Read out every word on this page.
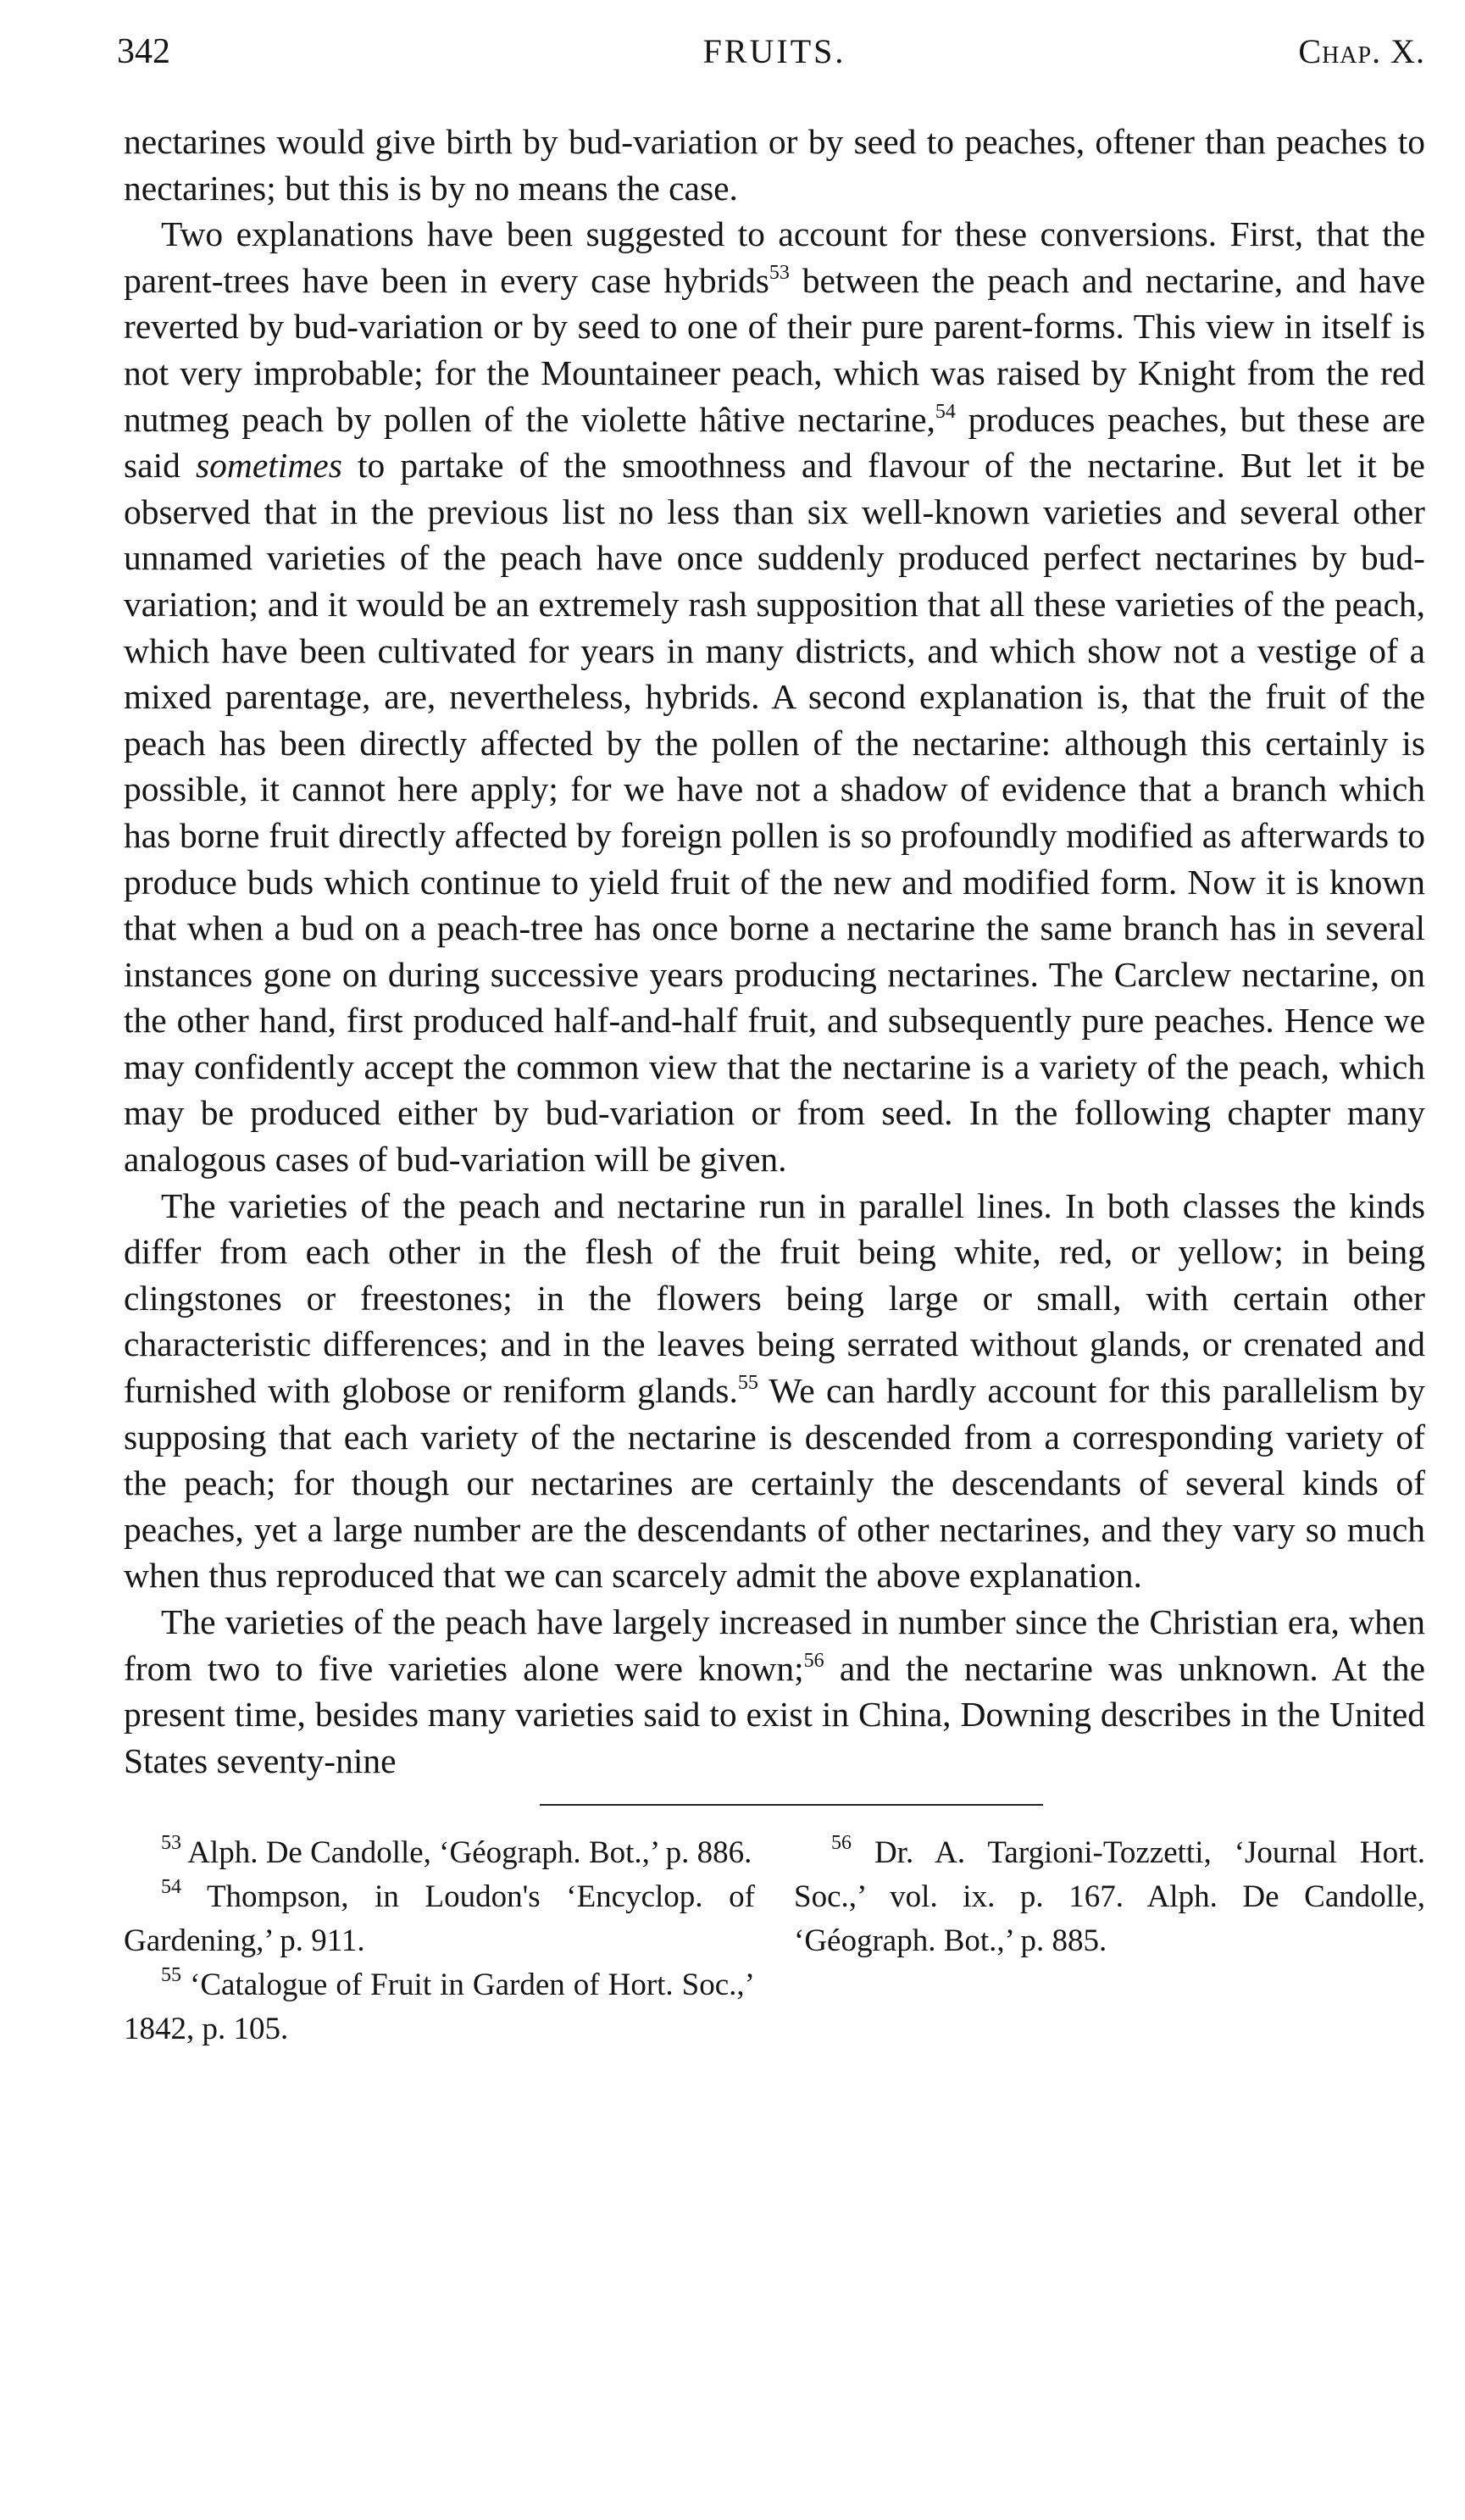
342	FRUITS.	Chap. X.

nectarines would give birth by bud-variation or by seed to peaches, oftener than peaches to nectarines; but this is by no means the case.

Two explanations have been suggested to account for these conversions. First, that the parent-trees have been in every case hybrids$^{53}$ between the peach and nectarine, and have reverted by bud-variation or by seed to one of their pure parent-forms. This view in itself is not very improbable; for the Mountaineer peach, which was raised by Knight from the red nutmeg peach by pollen of the violette hâtive nectarine,$^{54}$ produces peaches, but these are said sometimes to partake of the smoothness and flavour of the nectarine. But let it be observed that in the previous list no less than six well-known varieties and several other unnamed varieties of the peach have once suddenly produced perfect nectarines by bud-variation; and it would be an extremely rash supposition that all these varieties of the peach, which have been cultivated for years in many districts, and which show not a vestige of a mixed parentage, are, nevertheless, hybrids. A second explanation is, that the fruit of the peach has been directly affected by the pollen of the nectarine: although this certainly is possible, it cannot here apply; for we have not a shadow of evidence that a branch which has borne fruit directly affected by foreign pollen is so profoundly modified as afterwards to produce buds which continue to yield fruit of the new and modified form. Now it is known that when a bud on a peach-tree has once borne a nectarine the same branch has in several instances gone on during successive years producing nectarines. The Carclew nectarine, on the other hand, first produced half-and-half fruit, and subsequently pure peaches. Hence we may confidently accept the common view that the nectarine is a variety of the peach, which may be produced either by bud-variation or from seed. In the following chapter many analogous cases of bud-variation will be given.

The varieties of the peach and nectarine run in parallel lines. In both classes the kinds differ from each other in the flesh of the fruit being white, red, or yellow; in being clingstones or freestones; in the flowers being large or small, with certain other characteristic differences; and in the leaves being serrated without glands, or crenated and furnished with globose or reniform glands.$^{55}$ We can hardly account for this parallelism by supposing that each variety of the nectarine is descended from a corresponding variety of the peach; for though our nectarines are certainly the descendants of several kinds of peaches, yet a large number are the descendants of other nectarines, and they vary so much when thus reproduced that we can scarcely admit the above explanation.

The varieties of the peach have largely increased in number since the Christian era, when from two to five varieties alone were known;$^{56}$ and the nectarine was unknown. At the present time, besides many varieties said to exist in China, Downing describes in the United States seventy-nine

$^{53}$ Alph. De Candolle, ‘Géograph. Bot.,’ p. 886.

$^{54}$ Thompson, in Loudon's ‘Encyclop. of Gardening,’ p. 911.

$^{55}$ ‘Catalogue of Fruit in Garden of Hort. Soc.,’ 1842, p. 105.

$^{56}$ Dr. A. Targioni-Tozzetti, ‘Journal Hort. Soc.,’ vol. ix. p. 167. Alph. De Candolle, ‘Géograph. Bot.,’ p. 885.
